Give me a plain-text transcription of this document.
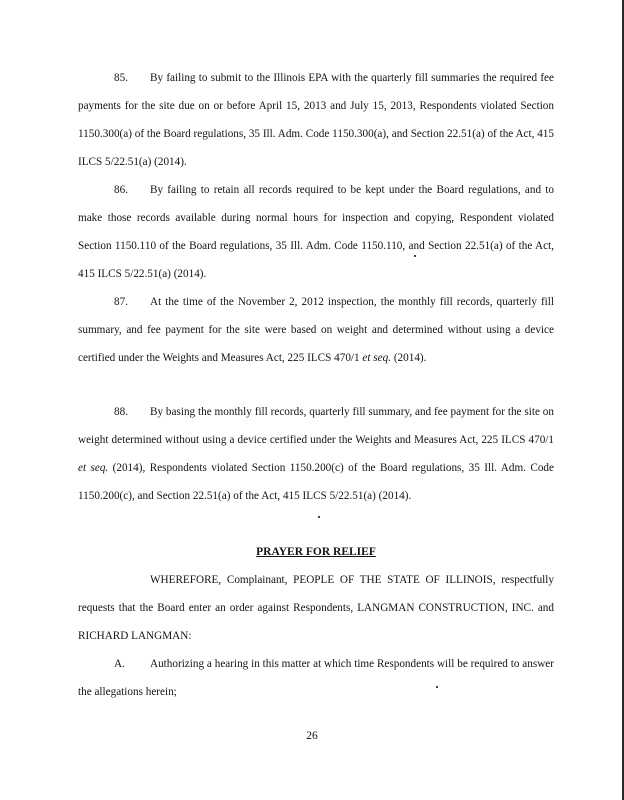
85. By failing to submit to the Illinois EPA with the quarterly fill summaries the required fee payments for the site due on or before April 15, 2013 and July 15, 2013, Respondents violated Section 1150.300(a) of the Board regulations, 35 Ill. Adm. Code 1150.300(a), and Section 22.51(a) of the Act, 415 ILCS 5/22.51(a) (2014).

86. By failing to retain all records required to be kept under the Board regulations, and to make those records available during normal hours for inspection and copying, Respondent violated Section 1150.110 of the Board regulations, 35 Ill. Adm. Code 1150.110, and Section 22.51(a) of the Act, 415 ILCS 5/22.51(a) (2014).

87. At the time of the November 2, 2012 inspection, the monthly fill records, quarterly fill summary, and fee payment for the site were based on weight and determined without using a device certified under the Weights and Measures Act, 225 ILCS 470/1 et seq. (2014).

88. By basing the monthly fill records, quarterly fill summary, and fee payment for the site on weight determined without using a device certified under the Weights and Measures Act, 225 ILCS 470/1 et seq. (2014), Respondents violated Section 1150.200(c) of the Board regulations, 35 Ill. Adm. Code 1150.200(c), and Section 22.51(a) of the Act, 415 ILCS 5/22.51(a) (2014).

PRAYER FOR RELIEF

WHEREFORE, Complainant, PEOPLE OF THE STATE OF ILLINOIS, respectfully requests that the Board enter an order against Respondents, LANGMAN CONSTRUCTION, INC. and RICHARD LANGMAN:

A. Authorizing a hearing in this matter at which time Respondents will be required to answer the allegations herein;

26
